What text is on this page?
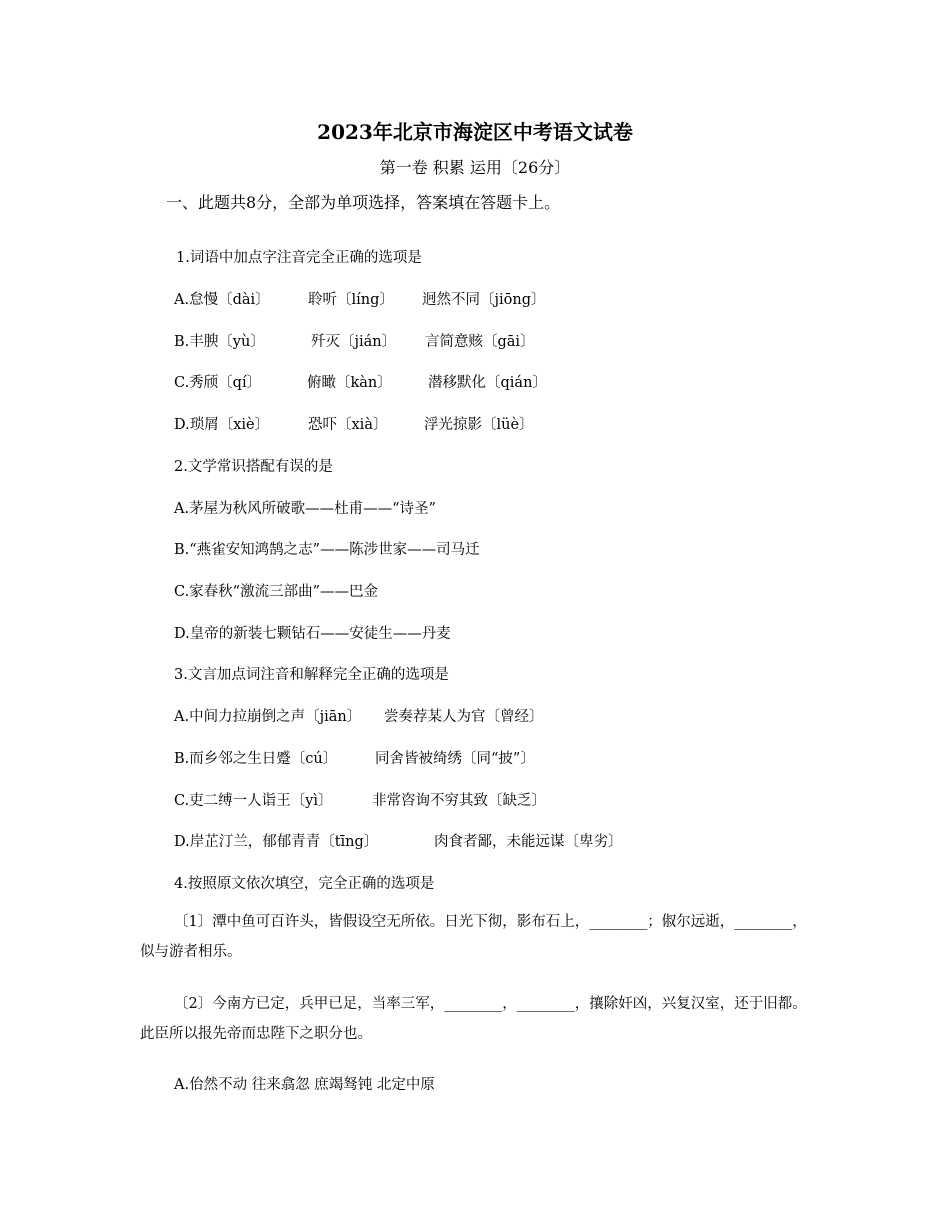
2023年北京市海淀区中考语文试卷
第一卷 积累 运用〔26分〕
一、此题共8分，全部为单项选择，答案填在答题卡上。
1.词语中加点字注音完全正确的选项是
A.怠慢〔dài〕	聆听〔líng〕 迥然不同〔jiōng〕
B.丰腴〔yù〕	歼灭〔jián〕 言简意赅〔gāi〕
C.秀颀〔qí〕	俯瞰〔kàn〕 潜移默化〔qián〕
D.琐屑〔xiè〕	恐吓〔xià〕	浮光掠影〔lüè〕
2.文学常识搭配有误的是
A.茅屋为秋风所破歌——杜甫——“诗圣”
B.“燕雀安知鸿鹄之志”——陈涉世家——司马迁
C.家春秋“激流三部曲”——巴金
D.皇帝的新装七颗钻石——安徒生——丹麦
3.文言加点词注音和解释完全正确的选项是
A.中间力拉崩倒之声〔jiān〕 尝奏荐某人为官〔曾经〕
B.而乡邻之生日蹙〔cú〕	同舍皆被绮绣〔同“披”〕
C.吏二缚一人诣王〔yì〕	非常咨询不穷其致〔缺乏〕
D.岸芷汀兰，郁郁青青〔tīng〕	肉食者鄙，未能远谋〔卑劣〕
4.按照原文依次填空，完全正确的选项是
〔1〕潭中鱼可百许头，皆假设空无所依。日光下彻，影布石上，________；俶尔远逝，________，似与游者相乐。
〔2〕今南方已定，兵甲已足，当率三军，________，________，攘除奸凶，兴复汉室，还于旧都。此臣所以报先帝而忠陛下之职分也。
A.佁然不动 往来翕忽 庶竭驽钝 北定中原
